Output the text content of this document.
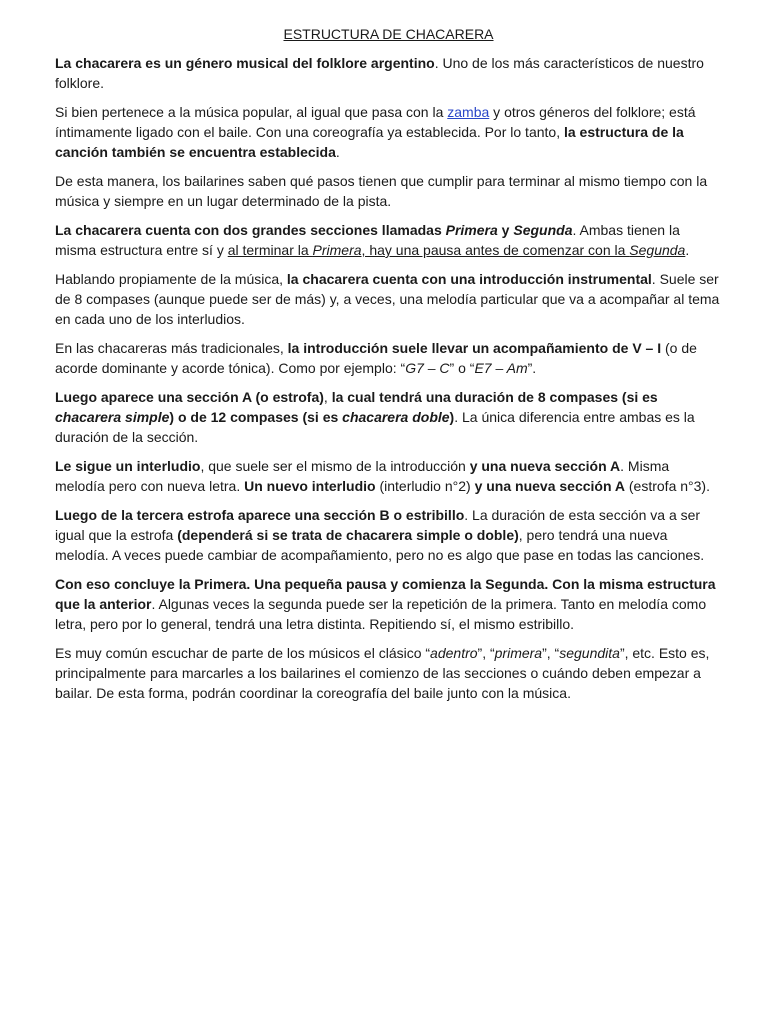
ESTRUCTURA DE CHACARERA

La chacarera es un género musical del folklore argentino. Uno de los más característicos de nuestro folklore.

Si bien pertenece a la música popular, al igual que pasa con la zamba y otros géneros del folklore; está íntimamente ligado con el baile. Con una coreografía ya establecida. Por lo tanto, la estructura de la canción también se encuentra establecida.

De esta manera, los bailarines saben qué pasos tienen que cumplir para terminar al mismo tiempo con la música y siempre en un lugar determinado de la pista.

La chacarera cuenta con dos grandes secciones llamadas Primera y Segunda. Ambas tienen la misma estructura entre sí y al terminar la Primera, hay una pausa antes de comenzar con la Segunda.

Hablando propiamente de la música, la chacarera cuenta con una introducción instrumental. Suele ser de 8 compases (aunque puede ser de más) y, a veces, una melodía particular que va a acompañar al tema en cada uno de los interludios.

En las chacareras más tradicionales, la introducción suele llevar un acompañamiento de V – I (o de acorde dominante y acorde tónica). Como por ejemplo: “G7 – C” o “E7 – Am”.

Luego aparece una sección A (o estrofa), la cual tendrá una duración de 8 compases (si es chacarera simple) o de 12 compases (si es chacarera doble). La única diferencia entre ambas es la duración de la sección.

Le sigue un interludio, que suele ser el mismo de la introducción y una nueva sección A. Misma melodía pero con nueva letra. Un nuevo interludio (interludio n°2) y una nueva sección A (estrofa n°3).

Luego de la tercera estrofa aparece una sección B o estribillo. La duración de esta sección va a ser igual que la estrofa (dependerá si se trata de chacarera simple o doble), pero tendrá una nueva melodía. A veces puede cambiar de acompañamiento, pero no es algo que pase en todas las canciones.

Con eso concluye la Primera. Una pequeña pausa y comienza la Segunda. Con la misma estructura que la anterior. Algunas veces la segunda puede ser la repetición de la primera. Tanto en melodía como letra, pero por lo general, tendrá una letra distinta. Repitiendo sí, el mismo estribillo.

Es muy común escuchar de parte de los músicos el clásico “adentro”, “primera”, “segundita”, etc. Esto es, principalmente para marcarles a los bailarines el comienzo de las secciones o cuándo deben empezar a bailar. De esta forma, podrán coordinar la coreografía del baile junto con la música.
